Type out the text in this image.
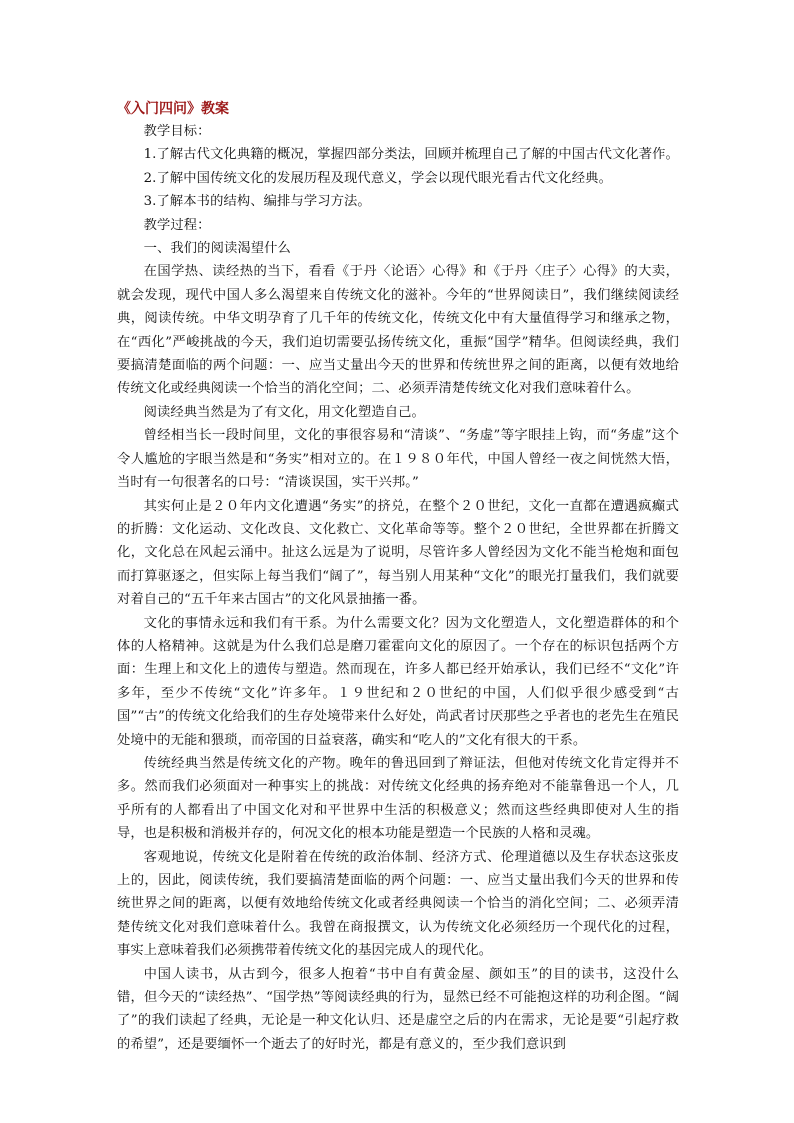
《入门四问》教案

教学目标：

1.了解古代文化典籍的概况，掌握四部分类法，回顾并梳理自己了解的中国古代文化著作。

2.了解中国传统文化的发展历程及现代意义，学会以现代眼光看古代文化经典。

3.了解本书的结构、编排与学习方法。

教学过程：

一、我们的阅读渴望什么

在国学热、读经热的当下，看看《于丹〈论语〉心得》和《于丹〈庄子〉心得》的大卖，就会发现，现代中国人多么渴望来自传统文化的滋补。今年的“世界阅读日”，我们继续阅读经典，阅读传统。中华文明孕育了几千年的传统文化，传统文化中有大量值得学习和继承之物，在“西化”严峻挑战的今天，我们迫切需要弘扬传统文化，重振“国学”精华。但阅读经典，我们要搞清楚面临的两个问题：一、应当丈量出今天的世界和传统世界之间的距离，以便有效地给传统文化或经典阅读一个恰当的消化空间；二、必须弄清楚传统文化对我们意味着什么。

阅读经典当然是为了有文化，用文化塑造自己。

曾经相当长一段时间里，文化的事很容易和“清谈”、“务虚”等字眼挂上钩，而“务虚”这个令人尴尬的字眼当然是和“务实”相对立的。在１９８０年代，中国人曾经一夜之间恍然大悟，当时有一句很著名的口号：“清谈误国，实干兴邦。”

其实何止是２０年内文化遭遇“务实”的挤兑，在整个２０世纪，文化一直都在遭遇疯癫式的折腾：文化运动、文化改良、文化救亡、文化革命等等。整个２０世纪，全世界都在折腾文化，文化总在风起云涌中。扯这么远是为了说明，尽管许多人曾经因为文化不能当枪炮和面包而打算驱逐之，但实际上每当我们“阔了”，每当别人用某种“文化”的眼光打量我们，我们就要对着自己的“五千年来古国古”的文化风景抽搐一番。

文化的事情永远和我们有干系。为什么需要文化？因为文化塑造人，文化塑造群体的和个体的人格精神。这就是为什么我们总是磨刀霍霍向文化的原因了。一个存在的标识包括两个方面：生理上和文化上的遗传与塑造。然而现在，许多人都已经开始承认，我们已经不“文化”许多年，至少不传统“文化”许多年。１９世纪和２０世纪的中国，人们似乎很少感受到“古国”“古”的传统文化给我们的生存处境带来什么好处，尚武者讨厌那些之乎者也的老先生在殖民处境中的无能和猥琐，而帝国的日益衰落，确实和“吃人的”文化有很大的干系。

传统经典当然是传统文化的产物。晚年的鲁迅回到了辩证法，但他对传统文化肯定得并不多。然而我们必须面对一种事实上的挑战：对传统文化经典的扬弃绝对不能靠鲁迅一个人，几乎所有的人都看出了中国文化对和平世界中生活的积极意义；然而这些经典即使对人生的指导，也是积极和消极并存的，何况文化的根本功能是塑造一个民族的人格和灵魂。

客观地说，传统文化是附着在传统的政治体制、经济方式、伦理道德以及生存状态这张皮上的，因此，阅读传统，我们要搞清楚面临的两个问题：一、应当丈量出我们今天的世界和传统世界之间的距离，以便有效地给传统文化或者经典阅读一个恰当的消化空间；二、必须弄清楚传统文化对我们意味着什么。我曾在商报撰文，认为传统文化必须经历一个现代化的过程，事实上意味着我们必须携带着传统文化的基因完成人的现代化。

中国人读书，从古到今，很多人抱着“书中自有黄金屋、颜如玉”的目的读书，这没什么错，但今天的“读经热”、“国学热”等阅读经典的行为，显然已经不可能抱这样的功利企图。“阔了”的我们读起了经典，无论是一种文化认归、还是虚空之后的内在需求，无论是要“引起疗救的希望”，还是要缅怀一个逝去了的好时光，都是有意义的，至少我们意识到
